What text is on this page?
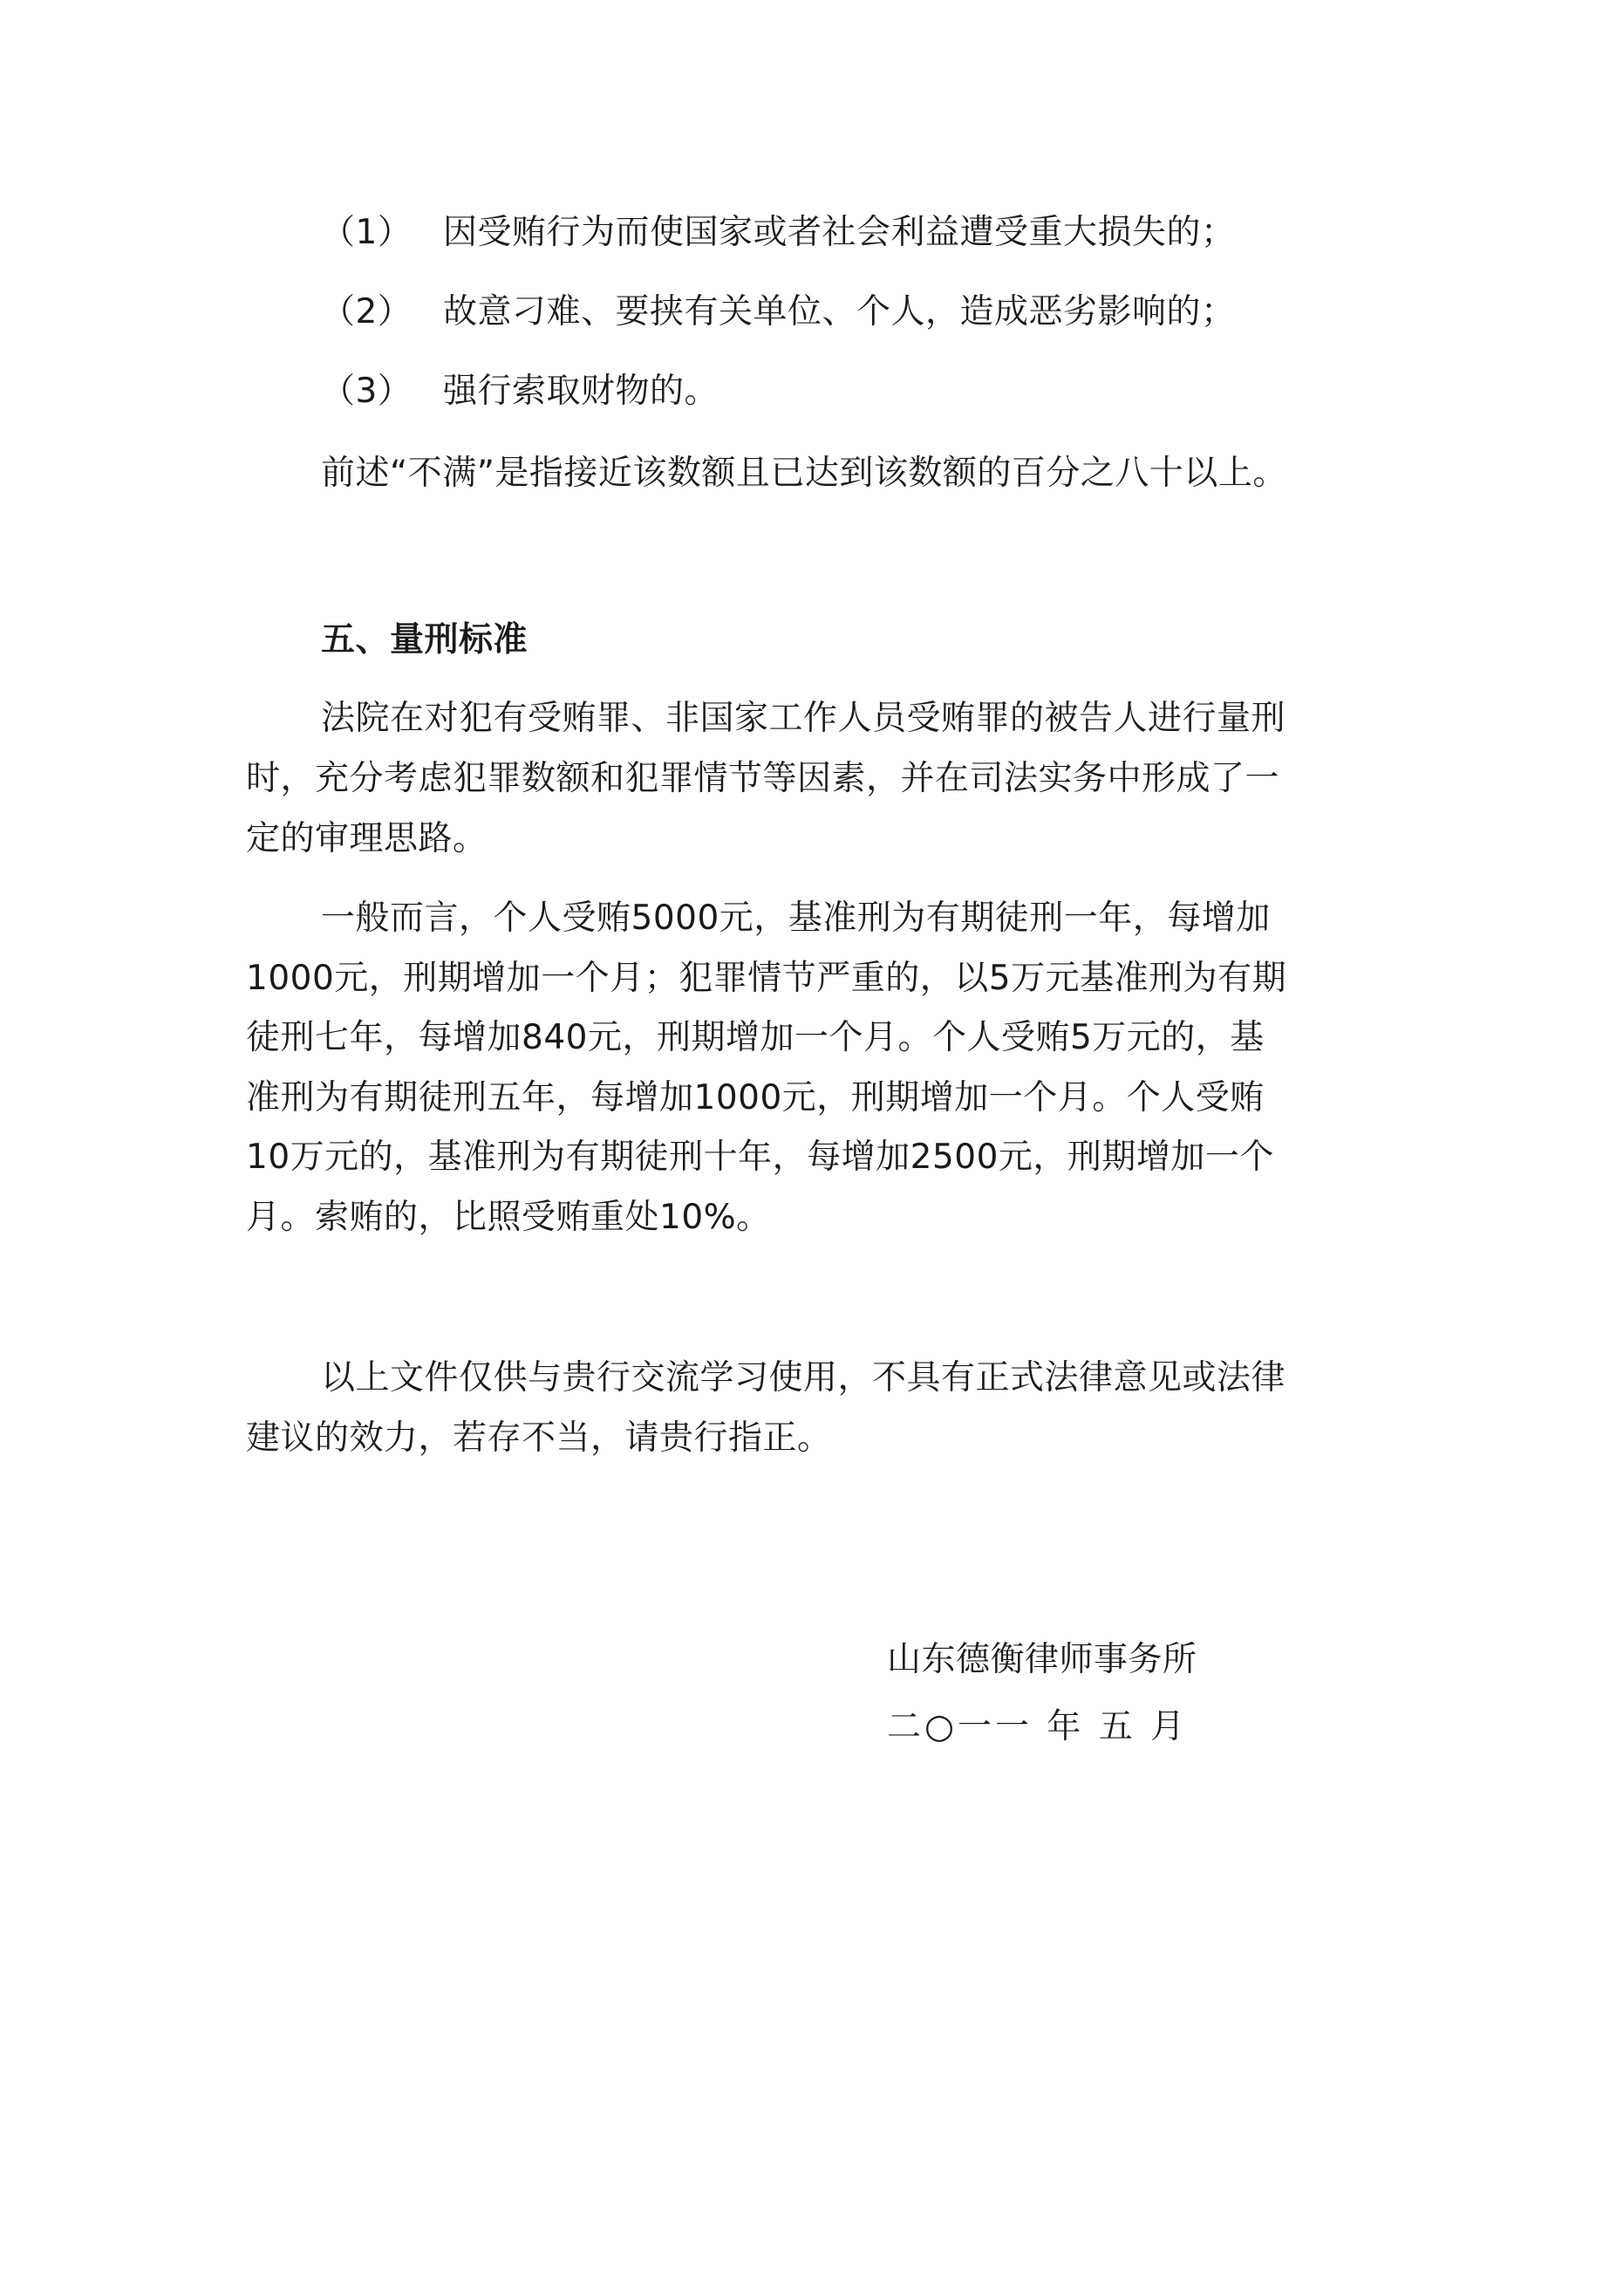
（1） 因受贿行为而使国家或者社会利益遭受重大损失的；
（2） 故意刁难、要挟有关单位、个人，造成恶劣影响的；
（3） 强行索取财物的。
前述“不满”是指接近该数额且已达到该数额的百分之八十以上。
五、量刑标准
法院在对犯有受贿罪、非国家工作人员受贿罪的被告人进行量刑
时，充分考虑犯罪数额和犯罪情节等因素，并在司法实务中形成了一
定的审理思路。
一般而言，个人受贿5000元，基准刑为有期徒刑一年，每增加
1000元，刑期增加一个月；犯罪情节严重的，以5万元基准刑为有期
徒刑七年，每增加840元，刑期增加一个月。个人受贿5万元的，基
准刑为有期徒刑五年，每增加1000元，刑期增加一个月。个人受贿
10万元的，基准刑为有期徒刑十年，每增加2500元，刑期增加一个
月。索贿的，比照受贿重处10%。
以上文件仅供与贵行交流学习使用，不具有正式法律意见或法律
建议的效力，若存不当，请贵行指正。
山东德衡律师事务所
二○一一 年 五 月
